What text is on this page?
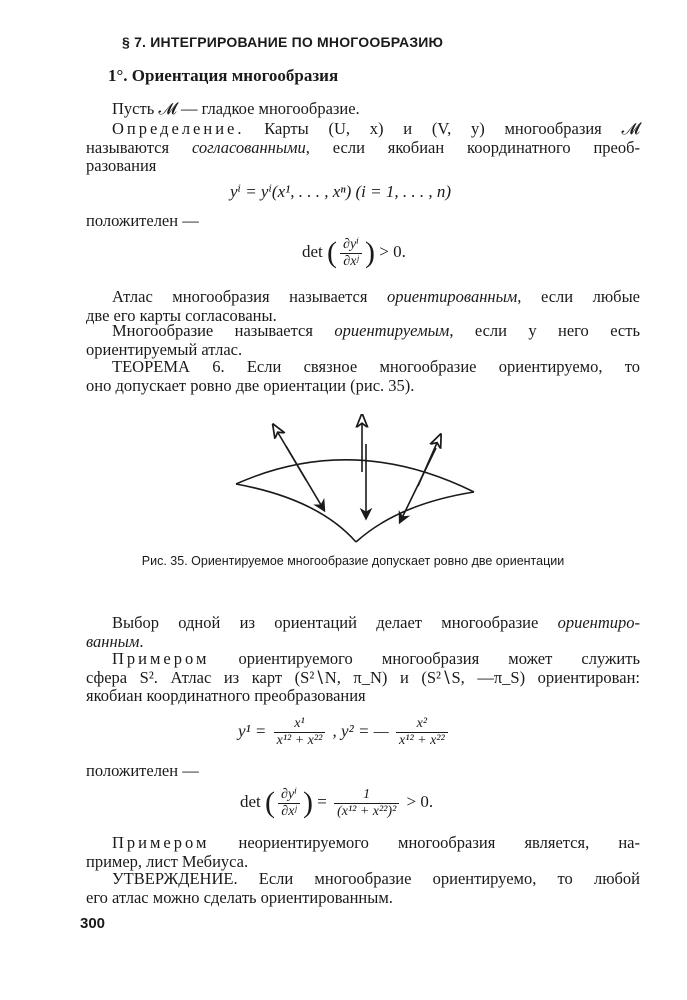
§ 7. ИНТЕГРИРОВАНИЕ ПО МНОГООБРАЗИЮ
1°. Ориентация многообразия
Пусть 𝓜 — гладкое многообразие.
Определение. Карты (U, x) и (V, y) многообразия 𝓜
называются согласованными, если якобиан координатного преоб-
разования
yⁱ = yⁱ(x¹, . . . , xⁿ) (i = 1, . . . , n)
положителен —
det ( $\frac{\text{∂yⁱ}}{\text{∂xʲ}}$ ) > 0.
Атлас многообразия называется ориентированным, если любые
две его карты согласованы.
Многообразие называется ориентируемым, если у него есть
ориентируемый атлас.
ТЕОРЕМА 6. Если связное многообразие ориентируемо, то
оно допускает ровно две ориентации (рис. 35).
Рис. 35. Ориентируемое многообразие допускает ровно две ориентации
Выбор одной из ориентаций делает многообразие ориентиро-
ванным.
Примером ориентируемого многообразия может служить
сфера S². Атлас из карт (S²∖N, π_N) и (S²∖S, —π_S) ориентирован:
якобиан координатного преобразования
$y^1 = \frac{\text{x¹}}{\text{x¹² + x²²}}$ , y² = — $\frac{\text{x²}}{\text{x¹² + x²²}}$
положителен —
det ( $\frac{\text{∂yⁱ}}{\text{∂xʲ}}$ ) = $\frac{1}{\text{(x¹² + x²²)²}} > 0$.
Примером неориентируемого многообразия является, на-
пример, лист Мебиуса.
УТВЕРЖДЕНИЕ. Если многообразие ориентируемо, то любой
его атлас можно сделать ориентированным.
300
